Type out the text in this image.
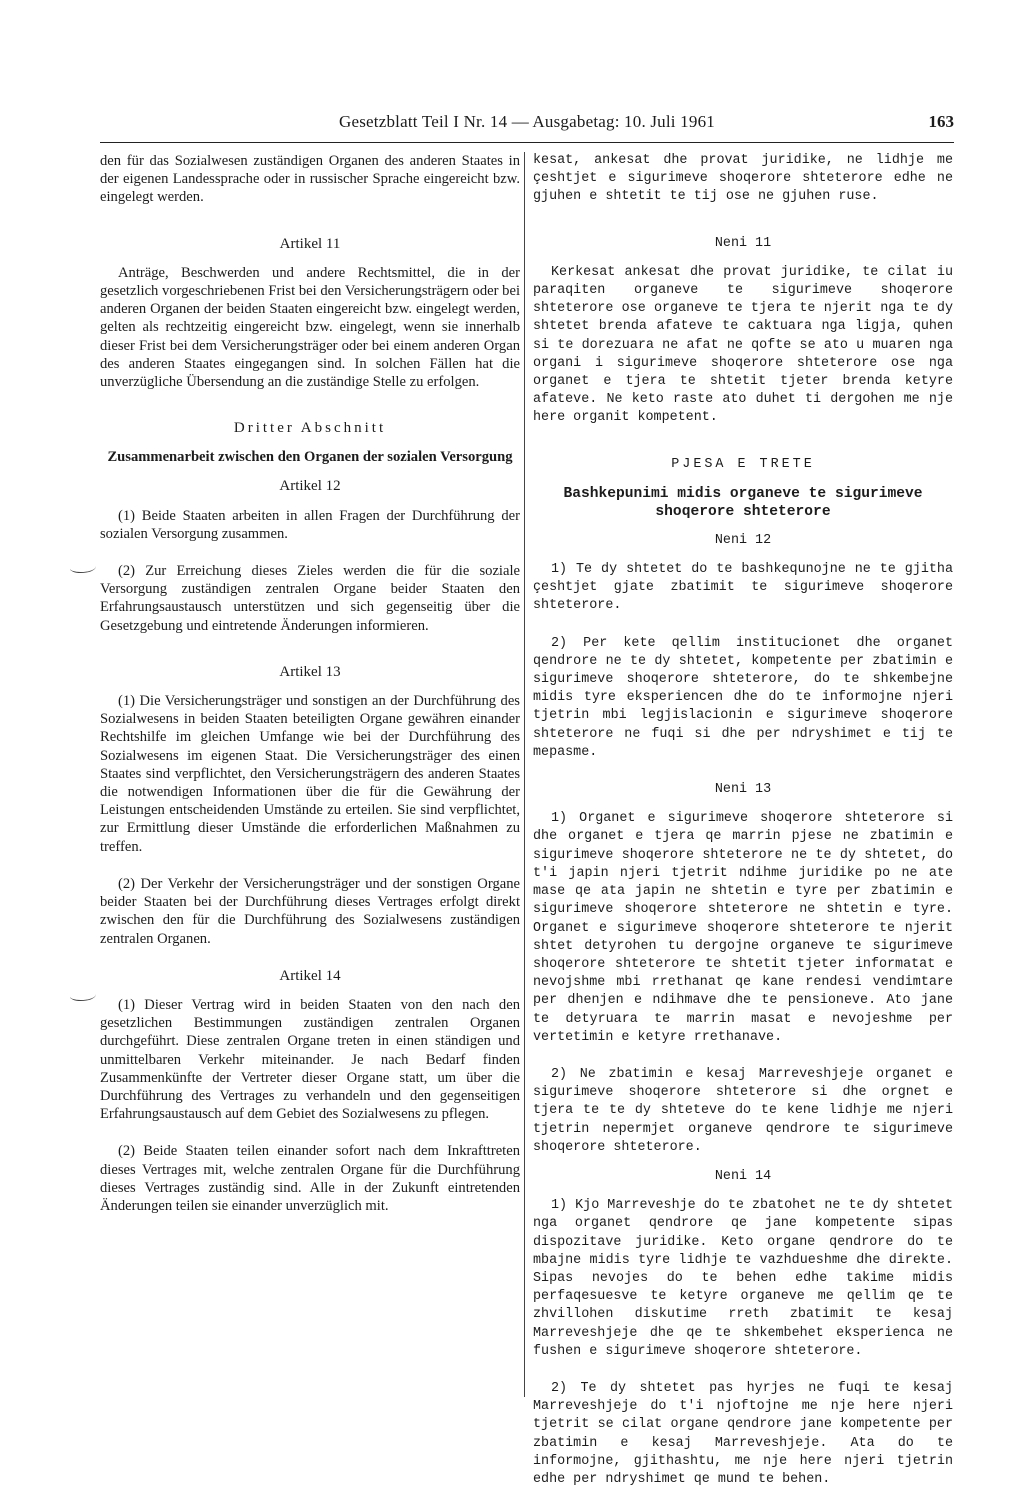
Gesetzblatt Teil I Nr. 14 — Ausgabetag: 10. Juli 1961	163

den für das Sozialwesen zuständigen Organen des anderen Staates in der eigenen Landessprache oder in russischer Sprache eingereicht bzw. eingelegt werden.

Artikel 11

Anträge, Beschwerden und andere Rechtsmittel, die in der gesetzlich vorgeschriebenen Frist bei den Versicherungsträgern oder bei anderen Organen der beiden Staaten eingereicht bzw. eingelegt werden, gelten als rechtzeitig eingereicht bzw. eingelegt, wenn sie innerhalb dieser Frist bei dem Versicherungsträger oder bei einem anderen Organ des anderen Staates eingegangen sind. In solchen Fällen hat die unverzügliche Übersendung an die zuständige Stelle zu erfolgen.

Dritter Abschnitt

Zusammenarbeit zwischen den Organen der sozialen Versorgung

Artikel 12

(1) Beide Staaten arbeiten in allen Fragen der Durchführung der sozialen Versorgung zusammen.

(2) Zur Erreichung dieses Zieles werden die für die soziale Versorgung zuständigen zentralen Organe beider Staaten den Erfahrungsaustausch unterstützen und sich gegenseitig über die Gesetzgebung und eintretende Änderungen informieren.

Artikel 13

(1) Die Versicherungsträger und sonstigen an der Durchführung des Sozialwesens in beiden Staaten beteiligten Organe gewähren einander Rechtshilfe im gleichen Umfange wie bei der Durchführung des Sozialwesens im eigenen Staat. Die Versicherungsträger des einen Staates sind verpflichtet, den Versicherungsträgern des anderen Staates die notwendigen Informationen über die für die Gewährung der Leistungen entscheidenden Umstände zu erteilen. Sie sind verpflichtet, zur Ermittlung dieser Umstände die erforderlichen Maßnahmen zu treffen.

(2) Der Verkehr der Versicherungsträger und der sonstigen Organe beider Staaten bei der Durchführung dieses Vertrages erfolgt direkt zwischen den für die Durchführung des Sozialwesens zuständigen zentralen Organen.

Artikel 14

(1) Dieser Vertrag wird in beiden Staaten von den nach den gesetzlichen Bestimmungen zuständigen zentralen Organen durchgeführt. Diese zentralen Organe treten in einen ständigen und unmittelbaren Verkehr miteinander. Je nach Bedarf finden Zusammenkünfte der Vertreter dieser Organe statt, um über die Durchführung des Vertrages zu verhandeln und den gegenseitigen Erfahrungsaustausch auf dem Gebiet des Sozialwesens zu pflegen.

(2) Beide Staaten teilen einander sofort nach dem Inkrafttreten dieses Vertrages mit, welche zentralen Organe für die Durchführung dieses Vertrages zuständig sind. Alle in der Zukunft eintretenden Änderungen teilen sie einander unverzüglich mit.

kesat, ankesat dhe provat juridike, ne lidhje me çeshtjet e sigurimeve shoqerore shteterore edhe ne gjuhen e shtetit te tij ose ne gjuhen ruse.

Neni 11

Kerkesat ankesat dhe provat juridike, te cilat iu paraqiten organeve te sigurimeve shoqerore shteterore ose organeve te tjera te njerit nga te dy shtetet brenda afateve te caktuara nga ligja, quhen si te dorezuara ne afat ne qofte se ato u muaren nga organi i sigurimeve shoqerore shteterore ose nga organet e tjera te shtetit tjeter brenda ketyre afateve. Ne keto raste ato duhet ti dergohen me nje here organit kompetent.

PJESA E TRETE

Bashkepunimi midis organeve te sigurimeve shoqerore shteterore

Neni 12

1) Te dy shtetet do te bashkequnojne ne te gjitha çeshtjet gjate zbatimit te sigurimeve shoqerore shteterore.

2) Per kete qellim institucionet dhe organet qendrore ne te dy shtetet, kompetente per zbatimin e sigurimeve shoqerore shteterore, do te shkembejne midis tyre eksperiencen dhe do te informojne njeri tjetrin mbi legjislacionin e sigurimeve shoqerore shteterore ne fuqi si dhe per ndryshimet e tij te mepasme.

Neni 13

1) Organet e sigurimeve shoqerore shteterore si dhe organet e tjera qe marrin pjese ne zbatimin e sigurimeve shoqerore shteterore ne te dy shtetet, do t'i japin njeri tjetrit ndihme juridike po ne ate mase qe ata japin ne shtetin e tyre per zbatimin e sigurimeve shoqerore shteterore ne shtetin e tyre. Organet e sigurimeve shoqerore shteterore te njerit shtet detyrohen tu dergojne organeve te sigurimeve shoqerore shteterore te shtetit tjeter informatat e nevojshme mbi rrethanat qe kane rendesi vendimtare per dhenjen e ndihmave dhe te pensioneve. Ato jane te detyruara te marrin masat e nevojeshme per vertetimin e ketyre rrethanave.

2) Ne zbatimin e kesaj Marreveshjeje organet e sigurimeve shoqerore shteterore si dhe orgnet e tjera te te dy shteteve do te kene lidhje me njeri tjetrin nepermjet organeve qendrore te sigurimeve shoqerore shteterore.

Neni 14

1) Kjo Marreveshje do te zbatohet ne te dy shtetet nga organet qendrore qe jane kompetente sipas dispozitave juridike. Keto organe qendrore do te mbajne midis tyre lidhje te vazhdueshme dhe direkte. Sipas nevojes do te behen edhe takime midis perfaqesuesve te ketyre organeve me qellim qe te zhvillohen diskutime rreth zbatimit te kesaj Marreveshjeje dhe qe te shkembehet eksperienca ne fushen e sigurimeve shoqerore shteterore.

2) Te dy shtetet pas hyrjes ne fuqi te kesaj Marreveshjeje do t'i njoftojne me nje here njeri tjetrit se cilat organe qendrore jane kompetente per zbatimin e kesaj Marreveshjeje. Ata do te informojne, gjithashtu, me nje here njeri tjetrin edhe per ndryshimet qe mund te behen.
